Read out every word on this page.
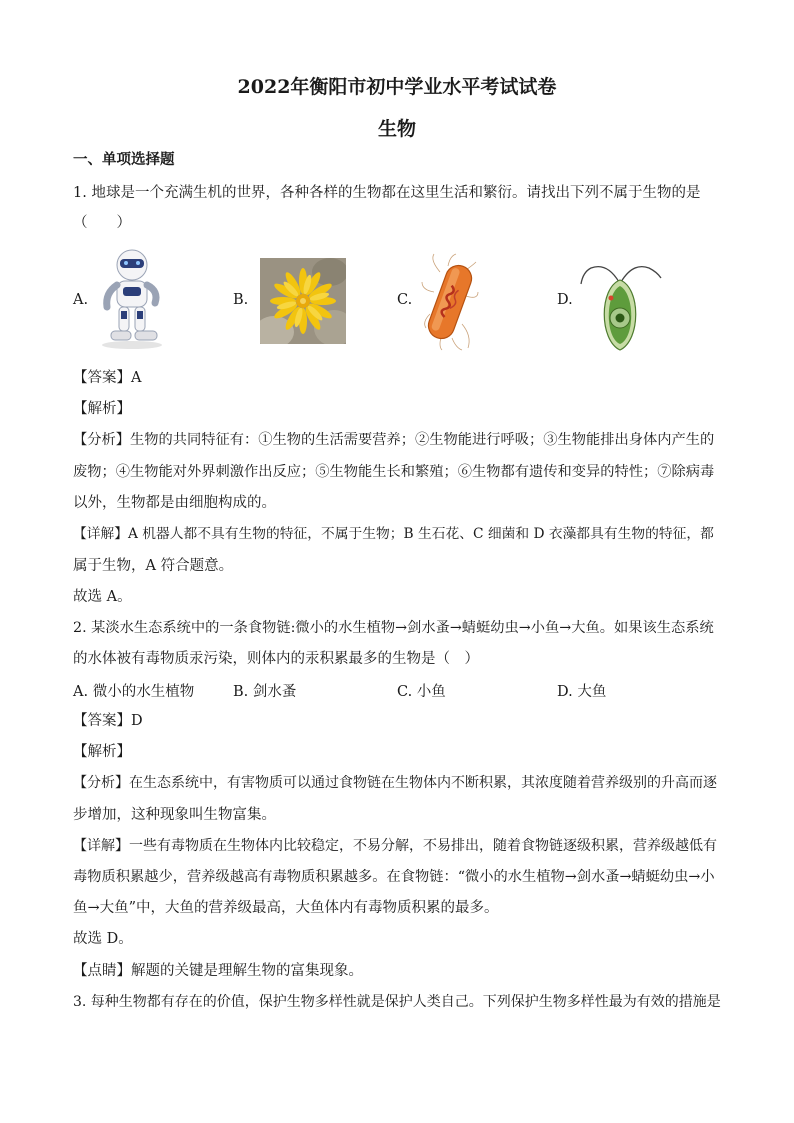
2022年衡阳市初中学业水平考试试卷
生物
一、单项选择题
1. 地球是一个充满生机的世界，各种各样的生物都在这里生活和繁衍。请找出下列不属于生物的是
（　　）
A.	B.	C.	D.
【答案】A
【解析】
【分析】生物的共同特征有：①生物的生活需要营养；②生物能进行呼吸；③生物能排出身体内产生的
废物；④生物能对外界刺激作出反应；⑤生物能生长和繁殖；⑥生物都有遗传和变异的特性；⑦除病毒
以外，生物都是由细胞构成的。
【详解】A 机器人都不具有生物的特征，不属于生物；B 生石花、C 细菌和 D 衣藻都具有生物的特征，都
属于生物，A 符合题意。
故选 A。
2. 某淡水生态系统中的一条食物链:微小的水生植物→剑水蚤→蜻蜓幼虫→小鱼→大鱼。如果该生态系统
的水体被有毒物质汞污染，则体内的汞积累最多的生物是（　）
A. 微小的水生植物	B. 剑水蚤	C. 小鱼	D. 大鱼
【答案】D
【解析】
【分析】在生态系统中，有害物质可以通过食物链在生物体内不断积累，其浓度随着营养级别的升高而逐
步增加，这种现象叫生物富集。
【详解】一些有毒物质在生物体内比较稳定，不易分解，不易排出，随着食物链逐级积累，营养级越低有
毒物质积累越少，营养级越高有毒物质积累越多。在食物链：“微小的水生植物→剑水蚤→蜻蜓幼虫→小
鱼→大鱼”中，大鱼的营养级最高，大鱼体内有毒物质积累的最多。
故选 D。
【点睛】解题的关键是理解生物的富集现象。
3. 每种生物都有存在的价值，保护生物多样性就是保护人类自己。下列保护生物多样性最为有效的措施是
